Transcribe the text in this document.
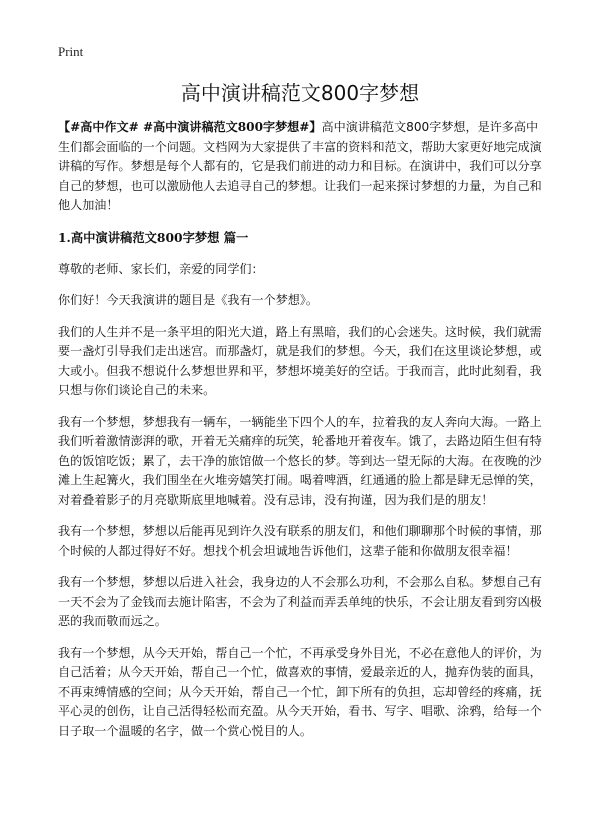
Print
高中演讲稿范文800字梦想

【#高中作文# #高中演讲稿范文800字梦想#】高中演讲稿范文800字梦想，是许多高中生们都会面临的一个问题。文档网为大家提供了丰富的资料和范文，帮助大家更好地完成演讲稿的写作。梦想是每个人都有的，它是我们前进的动力和目标。在演讲中，我们可以分享自己的梦想，也可以激励他人去追寻自己的梦想。让我们一起来探讨梦想的力量，为自己和他人加油！

1.高中演讲稿范文800字梦想 篇一

尊敬的老师、家长们，亲爱的同学们：

你们好！今天我演讲的题目是《我有一个梦想》。

我们的人生并不是一条平坦的阳光大道，路上有黑暗，我们的心会迷失。这时候，我们就需要一盏灯引导我们走出迷宫。而那盏灯，就是我们的梦想。今天，我们在这里谈论梦想，或大或小。但我不想说什么梦想世界和平，梦想坏境美好的空话。于我而言，此时此刻看，我只想与你们谈论自己的未来。

我有一个梦想，梦想我有一辆车，一辆能坐下四个人的车，拉着我的友人奔向大海。一路上我们听着激情澎湃的歌，开着无关痛痒的玩笑，轮番地开着夜车。饿了，去路边陌生但有特色的饭馆吃饭；累了，去干净的旅馆做一个悠长的梦。等到达一望无际的大海。在夜晚的沙滩上生起篝火，我们围坐在火堆旁嬉笑打闹。喝着啤酒，红通通的脸上都是肆无忌惮的笑，对着叠着影子的月亮歇斯底里地喊着。没有忌讳，没有拘谨，因为我们是的朋友！

我有一个梦想，梦想以后能再见到许久没有联系的朋友们，和他们聊聊那个时候的事情，那个时候的人都过得好不好。想找个机会坦诚地告诉他们，这辈子能和你做朋友很幸福！

我有一个梦想，梦想以后进入社会，我身边的人不会那么功利，不会那么自私。梦想自己有一天不会为了金钱而去施计陷害，不会为了利益而弄丢单纯的快乐，不会让朋友看到穷凶极恶的我而敬而远之。

我有一个梦想，从今天开始，帮自己一个忙，不再承受身外目光，不必在意他人的评价，为自己活着；从今天开始，帮自己一个忙，做喜欢的事情，爱最亲近的人，抛弃伪装的面具，不再束缚情感的空间；从今天开始，帮自己一个忙，卸下所有的负担，忘却曾经的疼痛，抚平心灵的创伤，让自己活得轻松而充盈。从今天开始，看书、写字、唱歌、涂鸦，给每一个日子取一个温暖的名字，做一个赏心悦目的人。
